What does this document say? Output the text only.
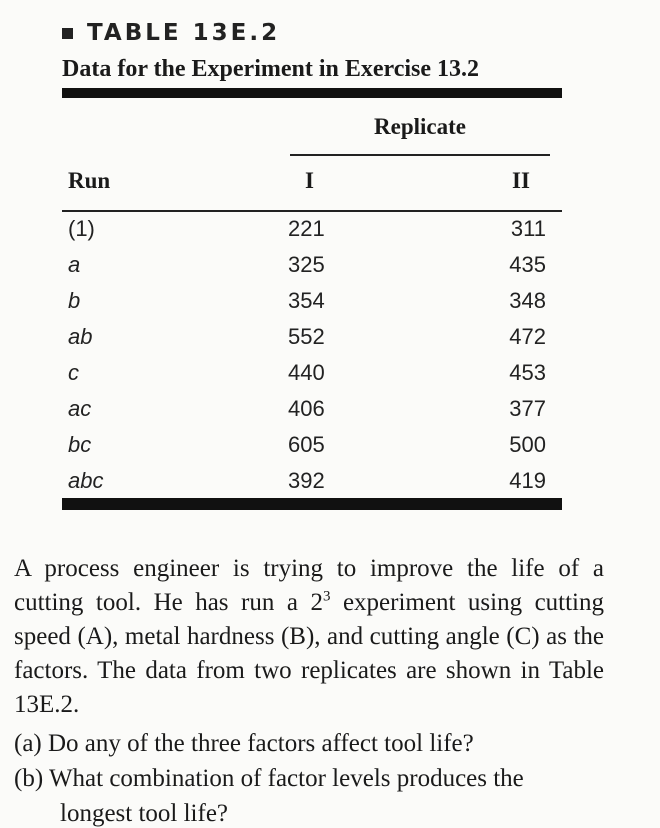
TABLE 13E.2
Data for the Experiment in Exercise 13.2
Replicate
Run	I	II
(1)	221	311
a	325	435
b	354	348
ab	552	472
c	440	453
ac	406	377
bc	605	500
abc	392	419

A process engineer is trying to improve the life of a cutting tool. He has run a $2^3$ experiment using cutting speed (A), metal hardness (B), and cutting angle (C) as the factors. The data from two replicates are shown in Table 13E.2.

(a) Do any of the three factors affect tool life?
(b) What combination of factor levels produces the
longest tool life?
